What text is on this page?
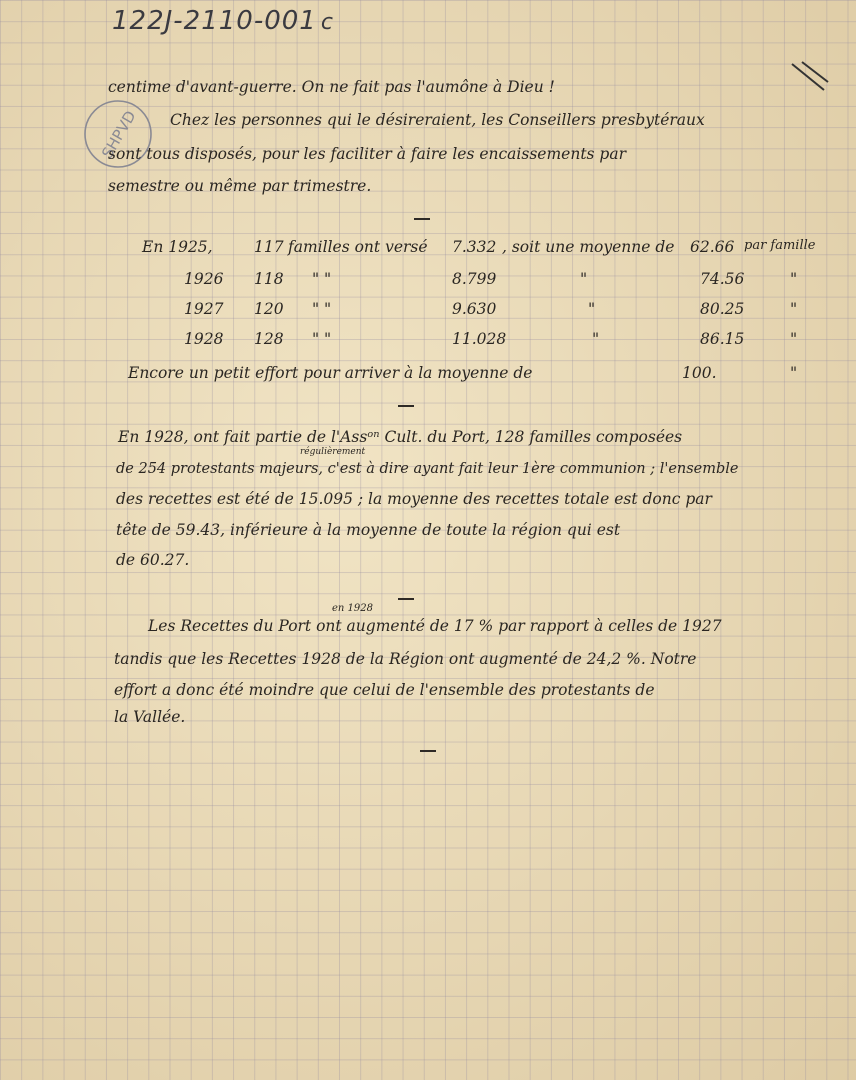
122J-2110-001 c
SHPVD
centime d'avant-guerre. On ne fait pas l'aumône à Dieu !
Chez les personnes qui le désireraient, les Conseillers presbytéraux
sont tous disposés, pour les faciliter à faire les encaissements par
semestre ou même par trimestre.
En 1925,	117 familles ont versé 7.332 , soit une moyenne de 62.66 par famille
1926 118 " "	8.799	"	74.56	"
1927 120 " "	9.630	"	80.25	"
1928 128 " "	11.028	"	86.15	"
Encore un petit effort pour arriver à la moyenne de	100.	"
En 1928, ont fait partie de l'Assᵒⁿ Cult. du Port, 128 familles composées
régulièrement
de 254 protestants majeurs, c'est à dire ayant fait leur 1ère communion ; l'ensemble
des recettes est été de 15.095 ; la moyenne des recettes totale est donc par
tête de 59.43, inférieure à la moyenne de toute la région qui est
de 60.27.
en 1928
Les Recettes du Port ont augmenté de 17 % par rapport à celles de 1927
tandis que les Recettes 1928 de la Région ont augmenté de 24,2 %. Notre
effort a donc été moindre que celui de l'ensemble des protestants de
la Vallée.
